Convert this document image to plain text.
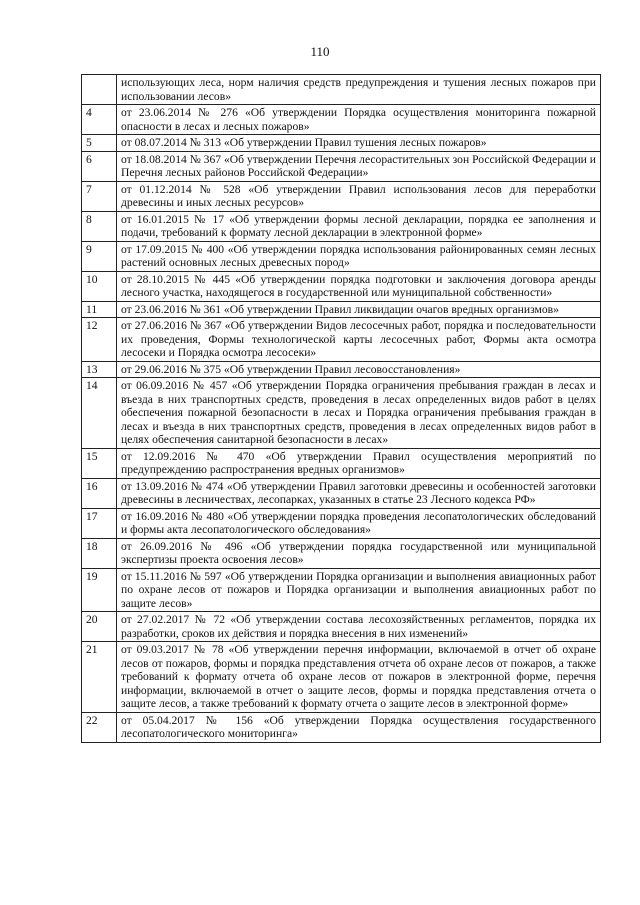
110
	использующих леса, норм наличия средств предупреждения и тушения лесных пожаров при использовании лесов»
4	от 23.06.2014 № 276 «Об утверждении Порядка осуществления мониторинга пожарной опасности в лесах и лесных пожаров»
5	от 08.07.2014 № 313 «Об утверждении Правил тушения лесных пожаров»
6	от 18.08.2014 № 367 «Об утверждении Перечня лесорастительных зон Российской Федерации и Перечня лесных районов Российской Федерации»
7	от 01.12.2014 № 528 «Об утверждении Правил использования лесов для переработки древесины и иных лесных ресурсов»
8	от 16.01.2015 № 17 «Об утверждении формы лесной декларации, порядка ее заполнения и подачи, требований к формату лесной декларации в электронной форме»
9	от 17.09.2015 № 400 «Об утверждении порядка использования районированных семян лесных растений основных лесных древесных пород»
10	от 28.10.2015 № 445 «Об утверждении порядка подготовки и заключения договора аренды лесного участка, находящегося в государственной или муниципальной собственности»
11	от 23.06.2016 № 361 «Об утверждении Правил ликвидации очагов вредных организмов»
12	от 27.06.2016 № 367 «Об утверждении Видов лесосечных работ, порядка и последовательности их проведения, Формы технологической карты лесосечных работ, Формы акта осмотра лесосеки и Порядка осмотра лесосеки»
13	от 29.06.2016 № 375 «Об утверждении Правил лесовосстановления»
14	от 06.09.2016 № 457 «Об утверждении Порядка ограничения пребывания граждан в лесах и въезда в них транспортных средств, проведения в лесах определенных видов работ в целях обеспечения пожарной безопасности в лесах и Порядка ограничения пребывания граждан в лесах и въезда в них транспортных средств, проведения в лесах определенных видов работ в целях обеспечения санитарной безопасности в лесах»
15	от 12.09.2016 № 470 «Об утверждении Правил осуществления мероприятий по предупреждению распространения вредных организмов»
16	от 13.09.2016 № 474 «Об утверждении Правил заготовки древесины и особенностей заготовки древесины в лесничествах, лесопарках, указанных в статье 23 Лесного кодекса РФ»
17	от 16.09.2016 № 480 «Об утверждении порядка проведения лесопатологических обследований и формы акта лесопатологического обследования»
18	от 26.09.2016 № 496 «Об утверждении порядка государственной или муниципальной экспертизы проекта освоения лесов»
19	от 15.11.2016 № 597 «Об утверждении Порядка организации и выполнения авиационных работ по охране лесов от пожаров и Порядка организации и выполнения авиационных работ по защите лесов»
20	от 27.02.2017 № 72 «Об утверждении состава лесохозяйственных регламентов, порядка их разработки, сроков их действия и порядка внесения в них изменений»
21	от 09.03.2017 № 78 «Об утверждении перечня информации, включаемой в отчет об охране лесов от пожаров, формы и порядка представления отчета об охране лесов от пожаров, а также требований к формату отчета об охране лесов от пожаров в электронной форме, перечня информации, включаемой в отчет о защите лесов, формы и порядка представления отчета о защите лесов, а также требований к формату отчета о защите лесов в электронной форме»
22	от 05.04.2017 № 156 «Об утверждении Порядка осуществления государственного лесопатологического мониторинга»
